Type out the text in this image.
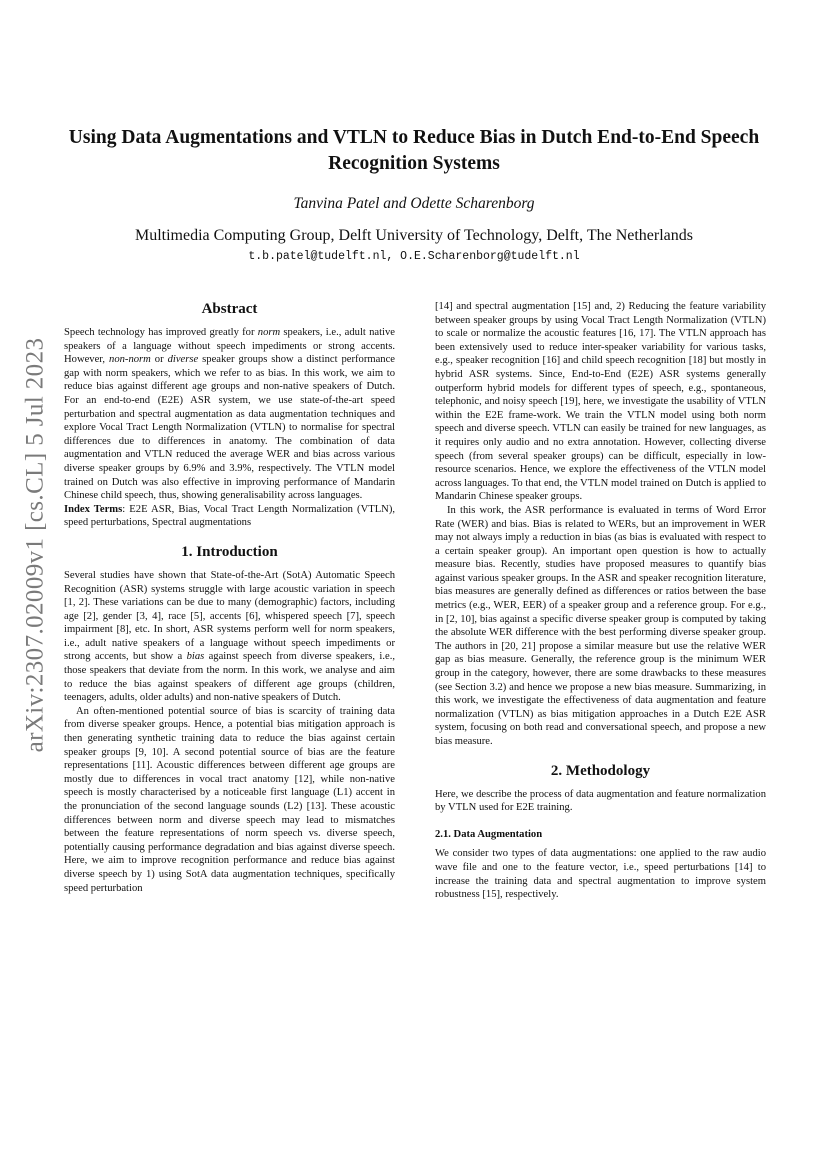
arXiv:2307.02009v1 [cs.CL] 5 Jul 2023
Using Data Augmentations and VTLN to Reduce Bias in Dutch End-to-End Speech Recognition Systems
Tanvina Patel and Odette Scharenborg
Multimedia Computing Group, Delft University of Technology, Delft, The Netherlands
t.b.patel@tudelft.nl, O.E.Scharenborg@tudelft.nl
Abstract

Speech technology has improved greatly for norm speakers, i.e., adult native speakers of a language without speech impediments or strong accents. However, non-norm or diverse speaker groups show a distinct performance gap with norm speakers, which we refer to as bias. In this work, we aim to reduce bias against different age groups and non-native speakers of Dutch. For an end-to-end (E2E) ASR system, we use state-of-the-art speed perturbation and spectral augmentation as data augmentation techniques and explore Vocal Tract Length Normalization (VTLN) to normalise for spectral differences due to differences in anatomy. The combination of data augmentation and VTLN reduced the average WER and bias across various diverse speaker groups by 6.9% and 3.9%, respectively. The VTLN model trained on Dutch was also effective in improving performance of Mandarin Chinese child speech, thus, showing generalisability across languages.

Index Terms: E2E ASR, Bias, Vocal Tract Length Normalization (VTLN), speed perturbations, Spectral augmentations

1. Introduction

Several studies have shown that State-of-the-Art (SotA) Automatic Speech Recognition (ASR) systems struggle with large acoustic variation in speech [1, 2]. These variations can be due to many (demographic) factors, including age [2], gender [3, 4], race [5], accents [6], whispered speech [7], speech impairment [8], etc. In short, ASR systems perform well for norm speakers, i.e., adult native speakers of a language without speech impediments or strong accents, but show a bias against speech from diverse speakers, i.e., those speakers that deviate from the norm. In this work, we analyse and aim to reduce the bias against speakers of different age groups (children, teenagers, adults, older adults) and non-native speakers of Dutch.

An often-mentioned potential source of bias is scarcity of training data from diverse speaker groups. Hence, a potential bias mitigation approach is then generating synthetic training data to reduce the bias against certain speaker groups [9, 10]. A second potential source of bias are the feature representations [11]. Acoustic differences between different age groups are mostly due to differences in vocal tract anatomy [12], while non-native speech is mostly characterised by a noticeable first language (L1) accent in the pronunciation of the second language sounds (L2) [13]. These acoustic differences between norm and diverse speech may lead to mismatches between the feature representations of norm speech vs. diverse speech, potentially causing performance degradation and bias against diverse speech. Here, we aim to improve recognition performance and reduce bias against diverse speech by 1) using SotA data augmentation techniques, specifically speed perturbation

[14] and spectral augmentation [15] and, 2) Reducing the feature variability between speaker groups by using Vocal Tract Length Normalization (VTLN) to scale or normalize the acoustic features [16, 17]. The VTLN approach has been extensively used to reduce inter-speaker variability for various tasks, e.g., speaker recognition [16] and child speech recognition [18] but mostly in hybrid ASR systems. Since, End-to-End (E2E) ASR systems generally outperform hybrid models for different types of speech, e.g., spontaneous, telephonic, and noisy speech [19], here, we investigate the usability of VTLN within the E2E frame-work. We train the VTLN model using both norm speech and diverse speech. VTLN can easily be trained for new languages, as it requires only audio and no extra annotation. However, collecting diverse speech (from several speaker groups) can be difficult, especially in low-resource scenarios. Hence, we explore the effectiveness of the VTLN model across languages. To that end, the VTLN model trained on Dutch is applied to Mandarin Chinese speaker groups.

In this work, the ASR performance is evaluated in terms of Word Error Rate (WER) and bias. Bias is related to WERs, but an improvement in WER may not always imply a reduction in bias (as bias is evaluated with respect to a certain speaker group). An important open question is how to actually measure bias. Recently, studies have proposed measures to quantify bias against various speaker groups. In the ASR and speaker recognition literature, bias measures are generally defined as differences or ratios between the base metrics (e.g., WER, EER) of a speaker group and a reference group. For e.g., in [2, 10], bias against a specific diverse speaker group is computed by taking the absolute WER difference with the best performing diverse speaker group. The authors in [20, 21] propose a similar measure but use the relative WER gap as bias measure. Generally, the reference group is the minimum WER group in the category, however, there are some drawbacks to these measures (see Section 3.2) and hence we propose a new bias measure. Summarizing, in this work, we investigate the effectiveness of data augmentation and feature normalization (VTLN) as bias mitigation approaches in a Dutch E2E ASR system, focusing on both read and conversational speech, and propose a new bias measure.

2. Methodology

Here, we describe the process of data augmentation and feature normalization by VTLN used for E2E training.

2.1. Data Augmentation

We consider two types of data augmentations: one applied to the raw audio wave file and one to the feature vector, i.e., speed perturbations [14] to increase the training data and spectral augmentation to improve system robustness [15], respectively.
